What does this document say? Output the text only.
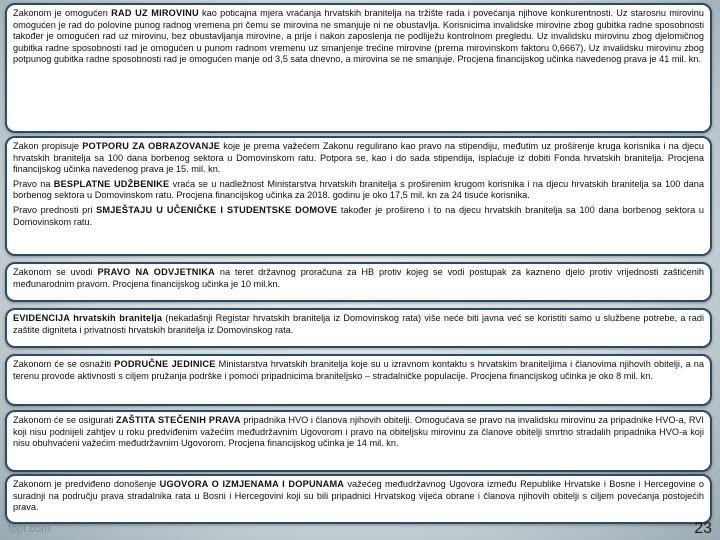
Zakonom je omogućen RAD UZ MIROVINU kao poticajna mjera vraćanja hrvatskih branitelja na tržište rada i povećanja njihove konkurentnosti. Uz starosnu mirovinu omogućen je rad do polovine punog radnog vremena pri čemu se mirovina ne smanjuje ni ne obustavlja. Korisnicima invalidske mirovine zbog gubitka radne sposobnosti također je omogućen rad uz mirovinu, bez obustavljanja mirovine, a prije i nakon zaposlenja ne podliježu kontrolnom pregledu. Uz invalidsku mirovinu zbog djelomičnog gubitka radne sposobnosti rad je omogućen u punom radnom vremenu uz smanjenje trećine mirovine (prema mirovinskom faktoru 0,6667). Uz invalidsku mirovinu zbog potpunog gubitka radne sposobnosti rad je omogućen manje od 3,5 sata dnevno, a mirovina se ne smanjuje. Procjena financijskog učinka navedenog prava je 41 mil. kn.

Zakon propisuje POTPORU ZA OBRAZOVANJE koje je prema važećem Zakonu regulirano kao pravo na stipendiju, međutim uz proširenje kruga korisnika i na djecu hrvatskih branitelja sa 100 dana borbenog sektora u Domovinskom ratu. Potpora se, kao i do sada stipendija, isplaćuje iz dobiti Fonda hrvatskih branitelja. Procjena financijskog učinka navedenog prava je 15. mil. kn.

Pravo na BESPLATNE UDŽBENIKE vraća se u nadležnost Ministarstva hrvatskih branitelja s proširenim krugom korisnika i na djecu hrvatskih branitelja sa 100 dana borbenog sektora u Domovinskom ratu. Procjena financijskog učinka za 2018. godinu je oko 17,5 mil. kn za 24 tisuće korisnika.

Pravo prednosti pri SMJEŠTAJU U UČENIČKE I STUDENTSKE DOMOVE također je prošireno i to na djecu hrvatskih branitelja sa 100 dana borbenog sektora u Domovinskom ratu.

Zakonom se uvodi PRAVO NA ODVJETNIKA na teret državnog proračuna za HB protiv kojeg se vodi postupak za kazneno djelo protiv vrijednosti zaštićenih međunarodnim pravom. Procjena financijskog učinka je 10 mil.kn.

EVIDENCIJA hrvatskih branitelja (nekadašnji Registar hrvatskih branitelja iz Domovinskog rata) više neće biti javna već se koristiti samo u službene potrebe, a radi zaštite digniteta i privatnosti hrvatskih branitelja iz Domovinskog rata.

Zakonom će se osnažiti PODRUČNE JEDINICE Ministarstva hrvatskih branitelja koje su u izravnom kontaktu s hrvatskim braniteljima i članovima njihovih obitelji, a na terenu provode aktivnosti s ciljem pružanja podrške i pomoći pripadnicima braniteljsko – stradalničke populacije. Procjena financijskog učinka je oko 8 mil. kn.

Zakonom će se osigurati ZAŠTITA STEČENIH PRAVA pripadnika HVO i članova njihovih obitelji. Omogućava se pravo na invalidsku mirovinu za pripadnike HVO-a, RVI koji nisu podnijeli zahtjev u roku predviđenim važećim međudržavnim Ugovorom i pravo na obiteljsku mirovinu za članove obitelji smrtno stradalih pripadnika HVO-a koji nisu obuhvaćeni važećim međudržavnim Ugovorom. Procjena financijskog učinka je 14 mil. kn.

Zakonom je predviđeno donošenje UGOVORA O IZMJENAMA I DOPUNAMA važećeg međudržavnog Ugovora između Republike Hrvatske i Bosne i Hercegovine o suradnji na području prava stradalnika rata u Bosni i Hercegovini koji su bili pripadnici Hrvatskog vijeća obrane i članova njihovih obitelji s ciljem povećanja postojećih prava.

fppt.com	23
